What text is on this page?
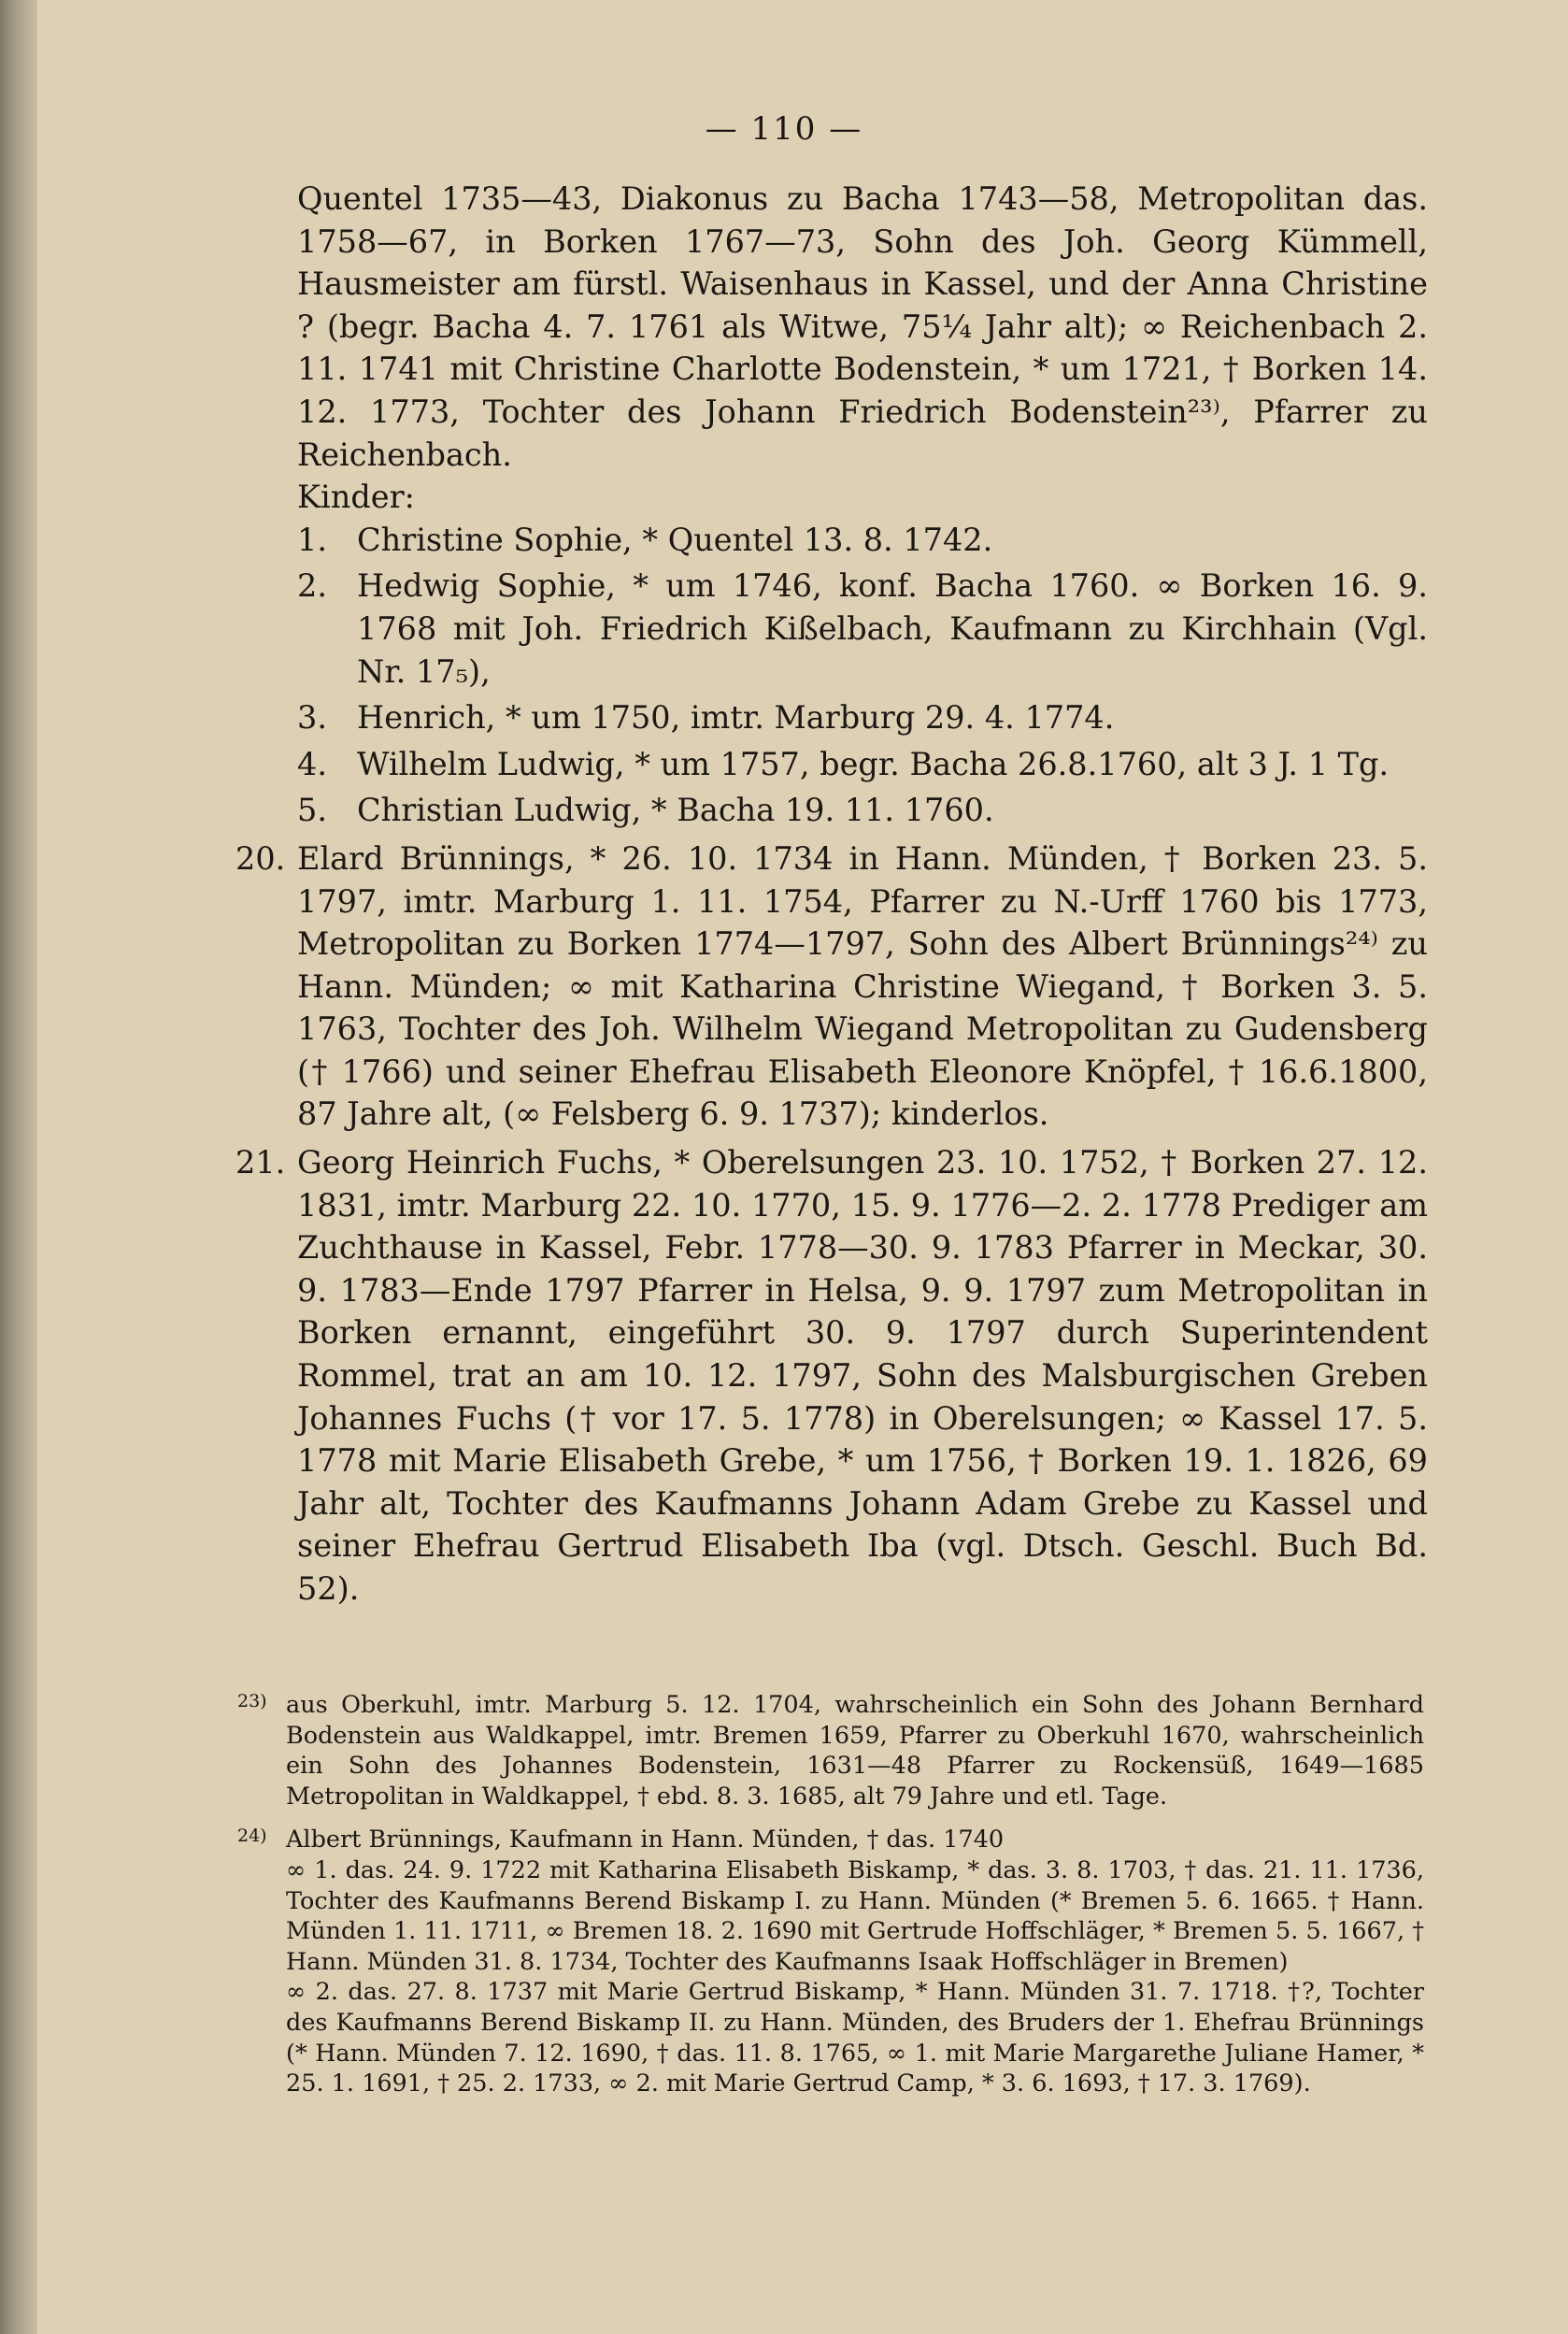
— 110 —

Quentel 1735—43, Diakonus zu Bacha 1743—58, Metropolitan das. 1758—67, in Borken 1767—73, Sohn des Joh. Georg Kümmell, Hausmeister am fürstl. Waisenhaus in Kassel, und der Anna Christine ? (begr. Bacha 4. 7. 1761 als Witwe, 75¼ Jahr alt); ∞ Reichenbach 2. 11. 1741 mit Christine Charlotte Bodenstein, * um 1721, † Borken 14. 12. 1773, Tochter des Johann Friedrich Bodenstein²³⁾, Pfarrer zu Reichenbach.

Kinder:

1. Christine Sophie, * Quentel 13. 8. 1742.
2. Hedwig Sophie, * um 1746, konf. Bacha 1760. ∞ Borken 16. 9. 1768 mit Joh. Friedrich Kißelbach, Kaufmann zu Kirchhain (Vgl. Nr. 17₅),
3. Henrich, * um 1750, imtr. Marburg 29. 4. 1774.
4. Wilhelm Ludwig, * um 1757, begr. Bacha 26.8.1760, alt 3 J. 1 Tg.
5. Christian Ludwig, * Bacha 19. 11. 1760.
20. Elard Brünnings, * 26. 10. 1734 in Hann. Münden, † Borken 23. 5. 1797, imtr. Marburg 1. 11. 1754, Pfarrer zu N.-Urff 1760 bis 1773, Metropolitan zu Borken 1774—1797, Sohn des Albert Brünnings²⁴⁾ zu Hann. Münden; ∞ mit Katharina Christine Wiegand, † Borken 3. 5. 1763, Tochter des Joh. Wilhelm Wiegand Metropolitan zu Gudensberg († 1766) und seiner Ehefrau Elisabeth Eleonore Knöpfel, † 16.6.1800, 87 Jahre alt, (∞ Felsberg 6. 9. 1737); kinderlos.
21. Georg Heinrich Fuchs, * Oberelsungen 23. 10. 1752, † Borken 27. 12. 1831, imtr. Marburg 22. 10. 1770, 15. 9. 1776—2. 2. 1778 Prediger am Zuchthause in Kassel, Febr. 1778—30. 9. 1783 Pfarrer in Meckar, 30. 9. 1783—Ende 1797 Pfarrer in Helsa, 9. 9. 1797 zum Metropolitan in Borken ernannt, eingeführt 30. 9. 1797 durch Superintendent Rommel, trat an am 10. 12. 1797, Sohn des Malsburgischen Greben Johannes Fuchs († vor 17. 5. 1778) in Oberelsungen; ∞ Kassel 17. 5. 1778 mit Marie Elisabeth Grebe, * um 1756, † Borken 19. 1. 1826, 69 Jahr alt, Tochter des Kaufmanns Johann Adam Grebe zu Kassel und seiner Ehefrau Gertrud Elisabeth Iba (vgl. Dtsch. Geschl. Buch Bd. 52).
23) aus Oberkuhl, imtr. Marburg 5. 12. 1704, wahrscheinlich ein Sohn des Johann Bernhard Bodenstein aus Waldkappel, imtr. Bremen 1659, Pfarrer zu Oberkuhl 1670, wahrscheinlich ein Sohn des Johannes Bodenstein, 1631—48 Pfarrer zu Rockensüß, 1649—1685 Metropolitan in Waldkappel, † ebd. 8. 3. 1685, alt 79 Jahre und etl. Tage.
24) Albert Brünnings, Kaufmann in Hann. Münden, † das. 1740
∞ 1. das. 24. 9. 1722 mit Katharina Elisabeth Biskamp, * das. 3. 8. 1703, † das. 21. 11. 1736, Tochter des Kaufmanns Berend Biskamp I. zu Hann. Münden (* Bremen 5. 6. 1665. † Hann. Münden 1. 11. 1711, ∞ Bremen 18. 2. 1690 mit Gertrude Hoffschläger, * Bremen 5. 5. 1667, † Hann. Münden 31. 8. 1734, Tochter des Kaufmanns Isaak Hoffschläger in Bremen)
∞ 2. das. 27. 8. 1737 mit Marie Gertrud Biskamp, * Hann. Münden 31. 7. 1718. †?, Tochter des Kaufmanns Berend Biskamp II. zu Hann. Münden, des Bruders der 1. Ehefrau Brünnings (* Hann. Münden 7. 12. 1690, † das. 11. 8. 1765, ∞ 1. mit Marie Margarethe Juliane Hamer, * 25. 1. 1691, † 25. 2. 1733, ∞ 2. mit Marie Gertrud Camp, * 3. 6. 1693, † 17. 3. 1769).
